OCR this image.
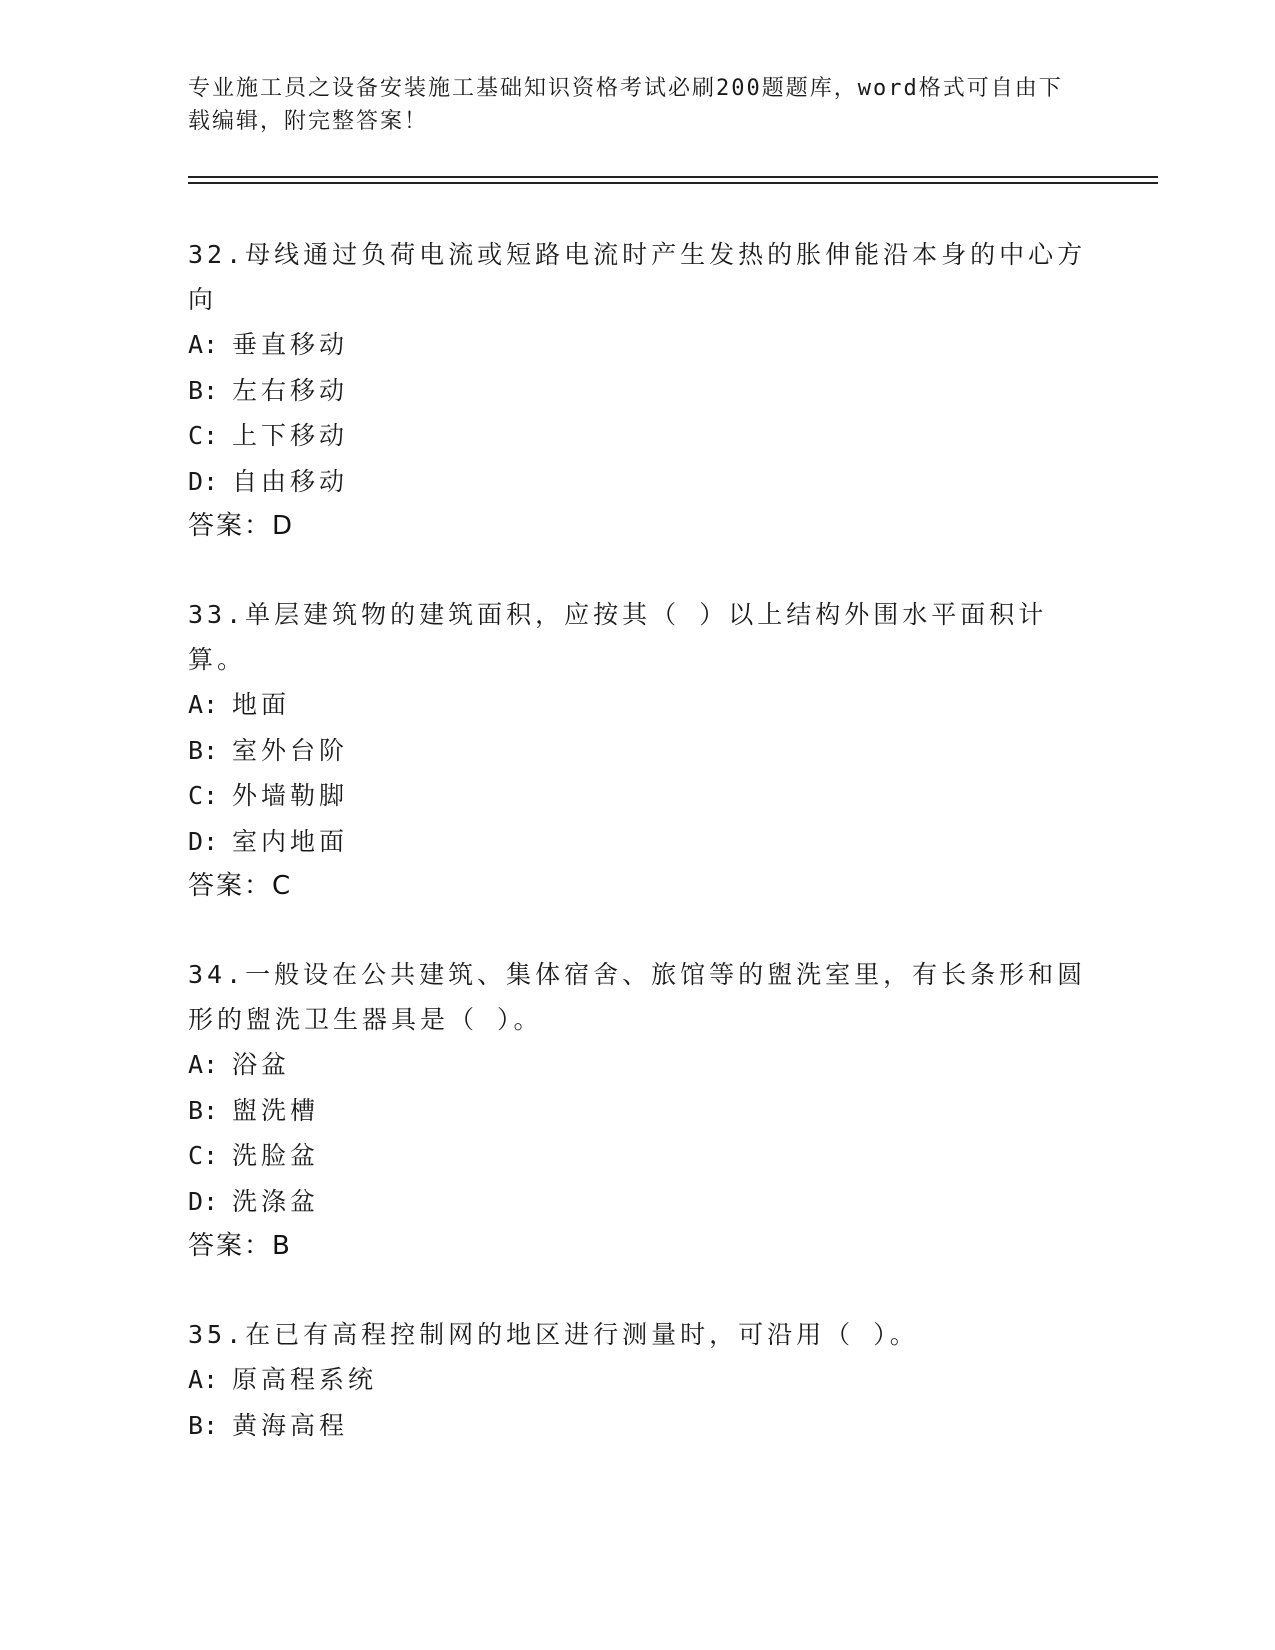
专业施工员之设备安装施工基础知识资格考试必刷200题题库，word格式可自由下载编辑，附完整答案！

32.母线通过负荷电流或短路电流时产生发热的胀伸能沿本身的中心方向

A: 垂直移动
B: 左右移动
C: 上下移动
D: 自由移动
答案：D

33.单层建筑物的建筑面积，应按其（ ）以上结构外围水平面积计算。

A: 地面
B: 室外台阶
C: 外墙勒脚
D: 室内地面
答案：C

34.一般设在公共建筑、集体宿舍、旅馆等的盥洗室里，有长条形和圆形的盥洗卫生器具是（ ）。

A: 浴盆
B: 盥洗槽
C: 洗脸盆
D: 洗涤盆
答案：B

35.在已有高程控制网的地区进行测量时，可沿用（ ）。

A: 原高程系统
B: 黄海高程
